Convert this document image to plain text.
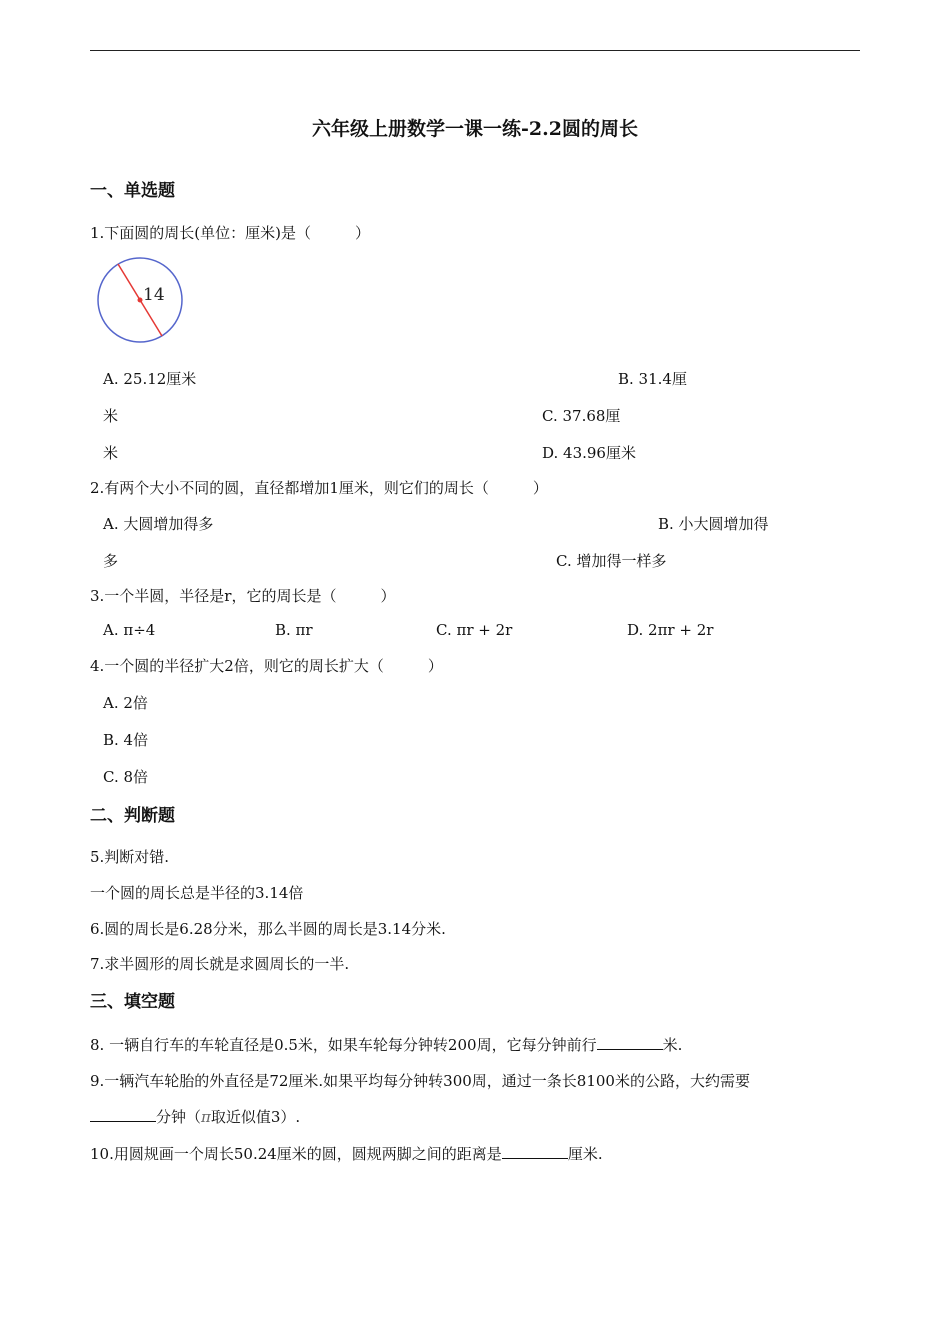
六年级上册数学一课一练-2.2圆的周长
一、单选题
1.下面圆的周长(单位：厘米)是（	）
14
A. 25.12厘米	B. 31.4厘
米	C. 37.68厘
米	D. 43.96厘米
2.有两个大小不同的圆，直径都增加1厘米，则它们的周长（	）
A. 大圆增加得多	B. 小大圆增加得
多	C. 增加得一样多
3.一个半圆，半径是r，它的周长是（	）
A. π÷4	B. πr	C. πr + 2r	D. 2πr + 2r
4.一个圆的半径扩大2倍，则它的周长扩大（	）
A. 2倍
B. 4倍
C. 8倍
二、判断题
5.判断对错.
一个圆的周长总是半径的3.14倍
6.圆的周长是6.28分米，那么半圆的周长是3.14分米.
7.求半圆形的周长就是求圆周长的一半.
三、填空题
8. 一辆自行车的车轮直径是0.5米，如果车轮每分钟转200周，它每分钟前行	米.
9.一辆汽车轮胎的外直径是72厘米.如果平均每分钟转300周，通过一条长8100米的公路，大约需要
分钟（π取近似值3）.
10.用圆规画一个周长50.24厘米的圆，圆规两脚之间的距离是	厘米.
